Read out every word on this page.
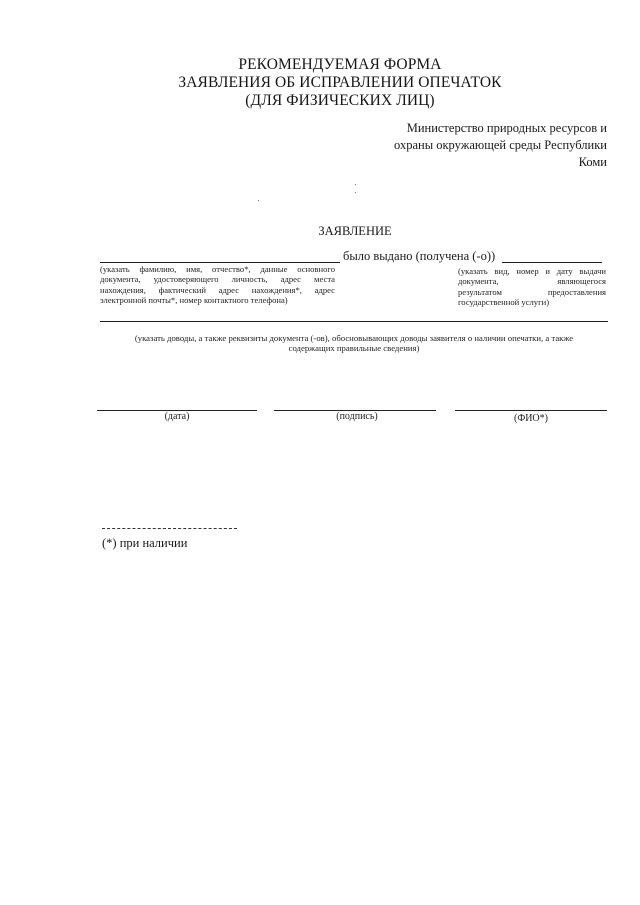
РЕКОМЕНДУЕМАЯ ФОРМА
ЗАЯВЛЕНИЯ ОБ ИСПРАВЛЕНИИ ОПЕЧАТОК
(ДЛЯ ФИЗИЧЕСКИХ ЛИЦ)
Министерство природных ресурсов и
охраны окружающей среды Республики
Коми
ЗАЯВЛЕНИЕ
было выдано (получена (-о))
(указать фамилию, имя, отчество*, данные основного
документа, удостоверяющего личность, адрес места
нахождения, фактический адрес нахождения*, адрес
электронной почты*, номер контактного телефона)
(указать вид, номер и дату выдачи
документа,	являющегося
результатом	предоставления
государственной услуги)
(указать доводы, а также реквизиты документа (-ов), обосновывающих доводы заявителя о наличии опечатки, а также
содержащих правильные сведения)
(дата)	(подпись)	(ФИО*)
(*) при наличии
